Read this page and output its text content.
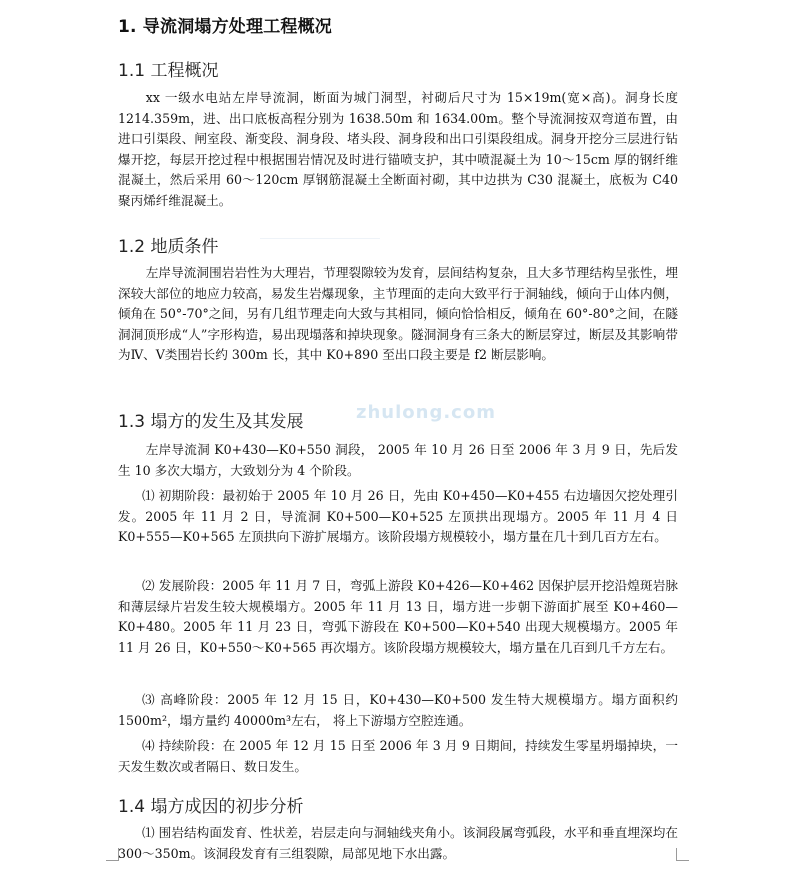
zhulong.com
1. 导流洞塌方处理工程概况
1.1 工程概况

xx 一级水电站左岸导流洞，断面为城门洞型，衬砌后尺寸为 15×19m(宽×高)。洞身长度 1214.359m，进、出口底板高程分别为 1638.50m 和 1634.00m。整个导流洞按双弯道布置，由进口引渠段、闸室段、渐变段、洞身段、堵头段、洞身段和出口引渠段组成。洞身开挖分三层进行钻爆开挖，每层开挖过程中根据围岩情况及时进行锚喷支护，其中喷混凝土为 10～15cm 厚的钢纤维混凝土，然后采用 60～120cm 厚钢筋混凝土全断面衬砌，其中边拱为 C30 混凝土，底板为 C40 聚丙烯纤维混凝土。

1.2 地质条件

左岸导流洞围岩岩性为大理岩，节理裂隙较为发育，层间结构复杂，且大多节理结构呈张性，埋深较大部位的地应力较高，易发生岩爆现象，主节理面的走向大致平行于洞轴线，倾向于山体内侧，倾角在 50°-70°之间，另有几组节理走向大致与其相同，倾向恰恰相反，倾角在 60°-80°之间，在隧洞洞顶形成“人”字形构造，易出现塌落和掉块现象。隧洞洞身有三条大的断层穿过，断层及其影响带为Ⅳ、Ⅴ类围岩长约 300m 长，其中 K0+890 至出口段主要是 f2 断层影响。

1.3 塌方的发生及其发展

左岸导流洞 K0+430—K0+550 洞段， 2005 年 10 月 26 日至 2006 年 3 月 9 日，先后发生 10 多次大塌方，大致划分为 4 个阶段。

⑴ 初期阶段：最初始于 2005 年 10 月 26 日，先由 K0+450—K0+455 右边墙因欠挖处理引发。2005 年 11 月 2 日，导流洞 K0+500—K0+525 左顶拱出现塌方。2005 年 11 月 4 日 K0+555—K0+565 左顶拱向下游扩展塌方。该阶段塌方规模较小，塌方量在几十到几百方左右。

⑵ 发展阶段：2005 年 11 月 7 日，弯弧上游段 K0+426—K0+462 因保护层开挖沿煌斑岩脉和薄层绿片岩发生较大规模塌方。2005 年 11 月 13 日，塌方进一步朝下游面扩展至 K0+460—K0+480。2005 年 11 月 23 日，弯弧下游段在 K0+500—K0+540 出现大规模塌方。2005 年 11 月 26 日，K0+550～K0+565 再次塌方。该阶段塌方规模较大，塌方量在几百到几千方左右。

⑶ 高峰阶段：2005 年 12 月 15 日，K0+430—K0+500 发生特大规模塌方。塌方面积约 1500m²，塌方量约 40000m³左右， 将上下游塌方空腔连通。

⑷ 持续阶段：在 2005 年 12 月 15 日至 2006 年 3 月 9 日期间，持续发生零星坍塌掉块，一天发生数次或者隔日、数日发生。

1.4 塌方成因的初步分析

⑴ 围岩结构面发育、性状差，岩层走向与洞轴线夹角小。该洞段属弯弧段，水平和垂直埋深均在 300～350m。该洞段发育有三组裂隙，局部见地下水出露。
